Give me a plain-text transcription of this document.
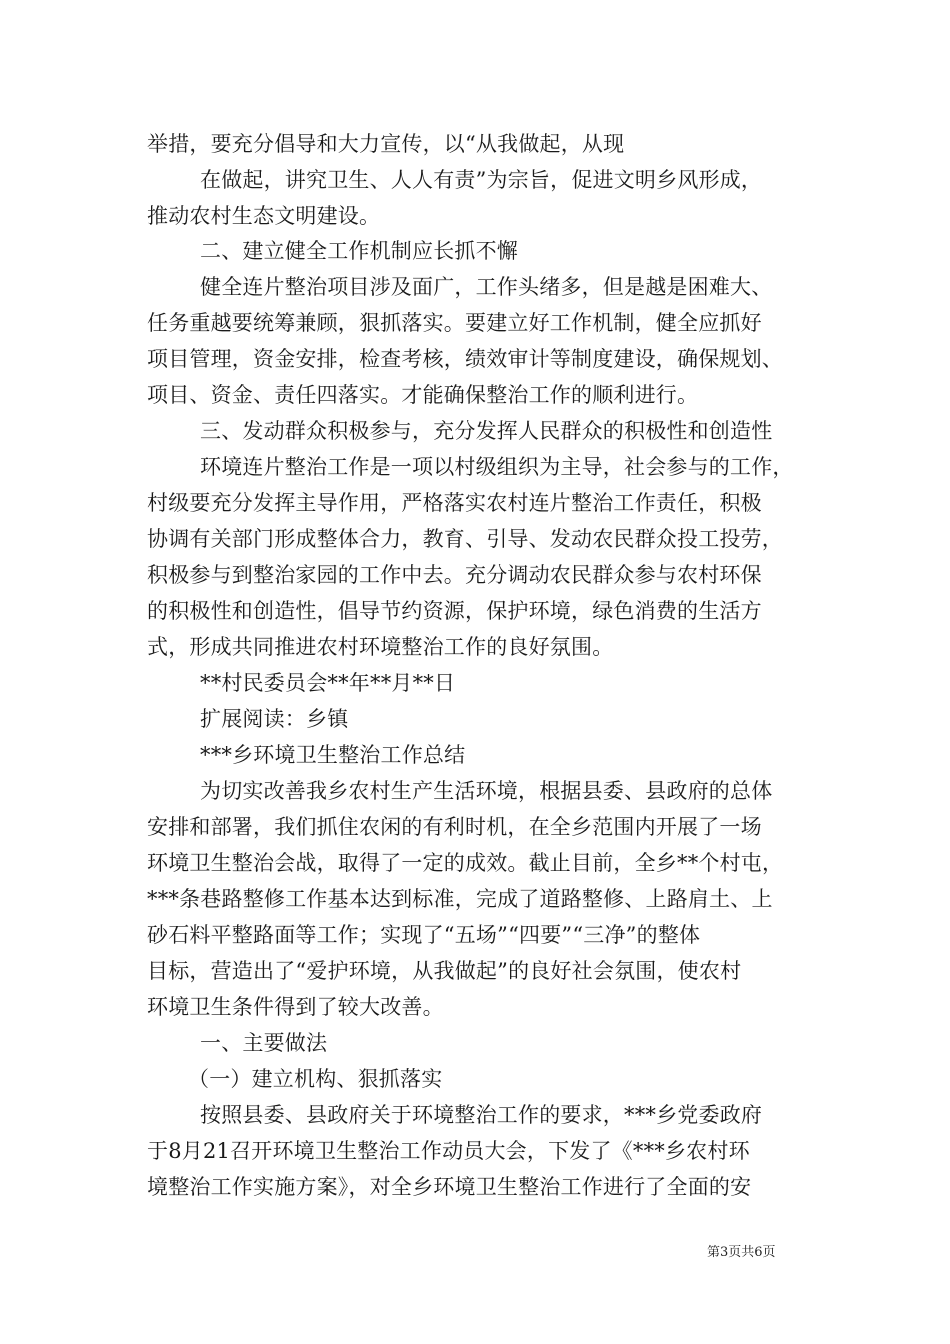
举措，要充分倡导和大力宣传，以“从我做起，从现
在做起，讲究卫生、人人有责”为宗旨，促进文明乡风形成，
推动农村生态文明建设。
二、建立健全工作机制应长抓不懈
健全连片整治项目涉及面广，工作头绪多，但是越是困难大、
任务重越要统筹兼顾，狠抓落实。要建立好工作机制，健全应抓好
项目管理，资金安排，检查考核，绩效审计等制度建设，确保规划、
项目、资金、责任四落实。才能确保整治工作的顺利进行。
三、发动群众积极参与，充分发挥人民群众的积极性和创造性
环境连片整治工作是一项以村级组织为主导，社会参与的工作，
村级要充分发挥主导作用，严格落实农村连片整治工作责任，积极
协调有关部门形成整体合力，教育、引导、发动农民群众投工投劳，
积极参与到整治家园的工作中去。充分调动农民群众参与农村环保
的积极性和创造性，倡导节约资源，保护环境，绿色消费的生活方
式，形成共同推进农村环境整治工作的良好氛围。
**村民委员会**年**月**日
扩展阅读：乡镇
***乡环境卫生整治工作总结
为切实改善我乡农村生产生活环境，根据县委、县政府的总体
安排和部署，我们抓住农闲的有利时机，在全乡范围内开展了一场
环境卫生整治会战，取得了一定的成效。截止目前，全乡**个村屯，
***条巷路整修工作基本达到标准，完成了道路整修、上路肩土、上
砂石料平整路面等工作；实现了“五场”“四要”“三净”的整体
目标，营造出了“爱护环境，从我做起”的良好社会氛围，使农村
环境卫生条件得到了较大改善。
一、主要做法
（一）建立机构、狠抓落实
按照县委、县政府关于环境整治工作的要求，***乡党委政府
于8月21召开环境卫生整治工作动员大会，下发了《***乡农村环
境整治工作实施方案》，对全乡环境卫生整治工作进行了全面的安
第3页共6页
